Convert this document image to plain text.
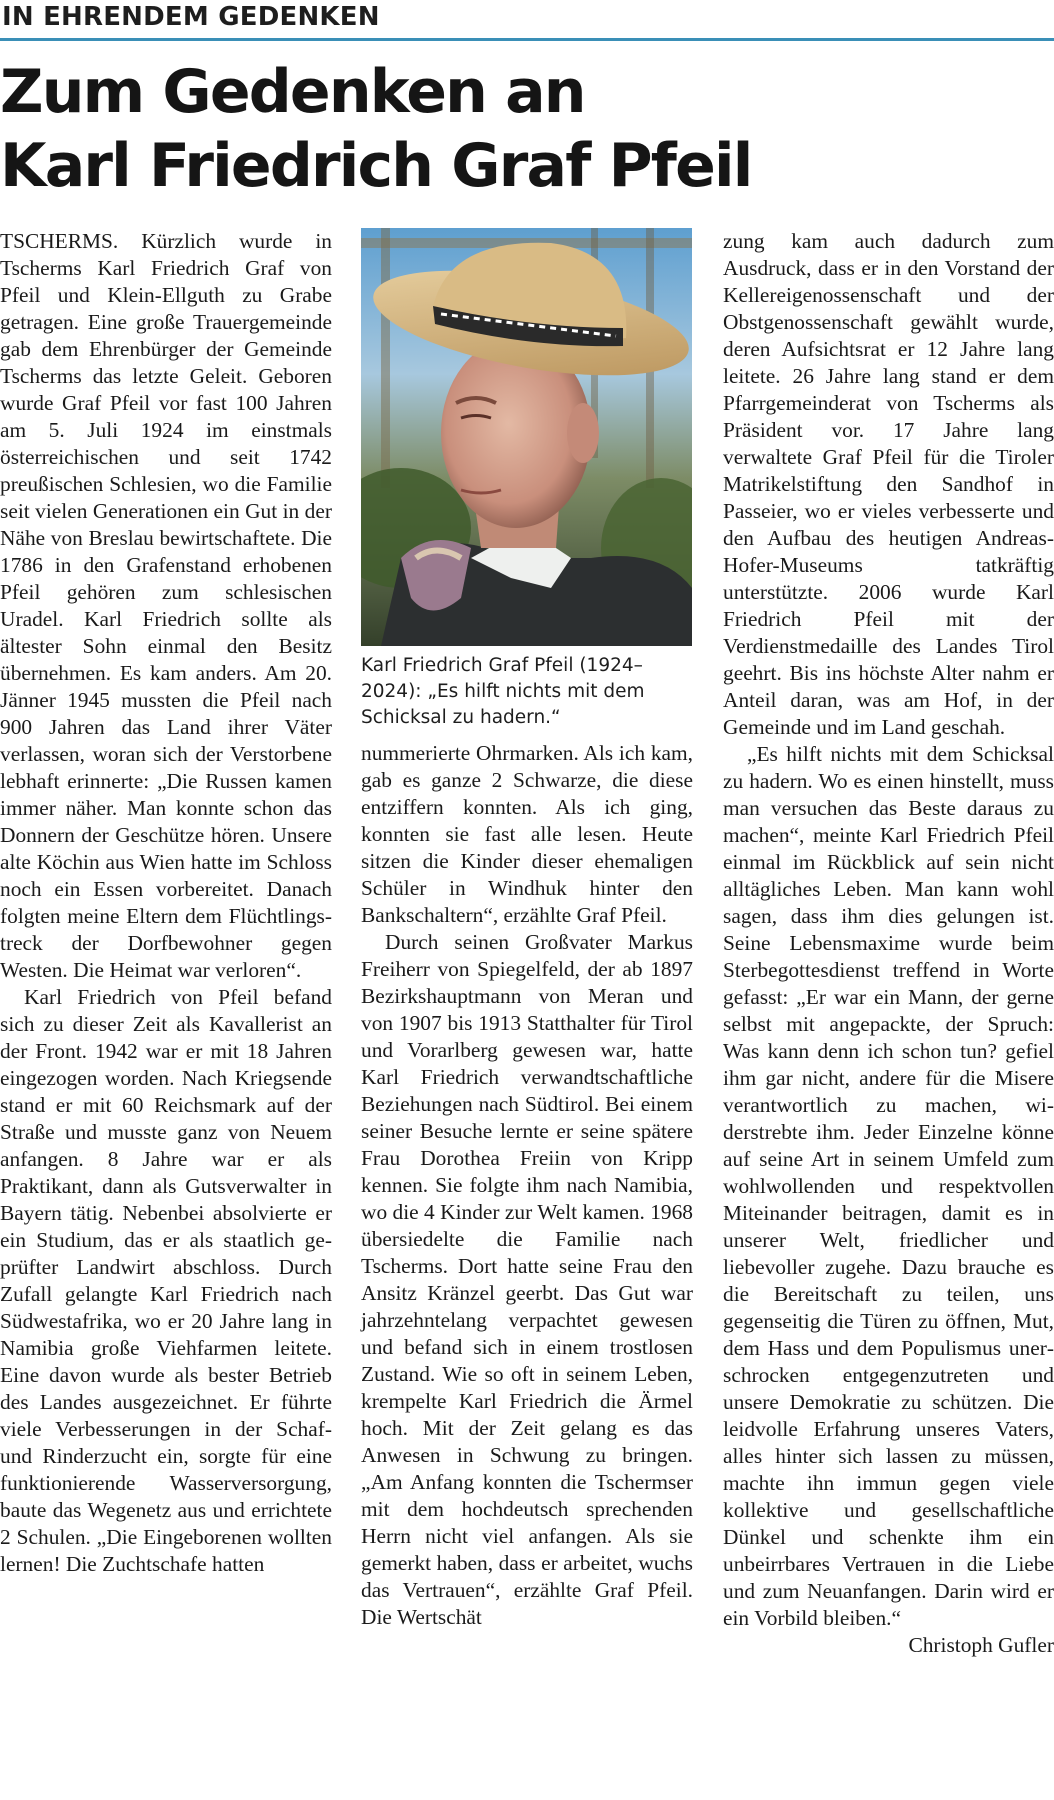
IN EHRENDEM GEDENKEN
Zum Gedenken an
Karl Friedrich Graf Pfeil

TSCHERMS. Kürzlich wurde in Tscherms Karl Friedrich Graf von Pfeil und Klein-Ellguth zu Grabe getragen. Eine große Trauergemeinde gab dem Ehrenbürger der Gemeinde Tscherms das letzte Geleit. Geboren wurde Graf Pfeil vor fast 100 Jahren am 5. Juli 1924 im einstmals österreichischen und seit 1742 preußischen Schlesien, wo die Familie seit vielen Generationen ein Gut in der Nähe von Breslau bewirtschaftete. Die 1786 in den Grafenstand erhobenen Pfeil gehören zum schlesischen Uradel. Karl Friedrich sollte als ältester Sohn einmal den Besitz übernehmen. Es kam anders. Am 20. Jänner 1945 mussten die Pfeil nach 900 Jahren das Land ihrer Väter verlassen, woran sich der Verstorbene lebhaft erinnerte: „Die Russen kamen immer näher. Man konnte schon das Donnern der Geschütze hören. Unsere alte Köchin aus Wien hatte im Schloss noch ein Essen vorbereitet. Danach folgten meine Eltern dem Flüchtlingstreck der Dorfbewohner gegen Westen. Die Heimat war verloren“.

Karl Friedrich von Pfeil befand sich zu dieser Zeit als Kavallerist an der Front. 1942 war er mit 18 Jahren eingezogen worden. Nach Kriegsende stand er mit 60 Reichsmark auf der Straße und musste ganz von Neuem anfangen. 8 Jahre war er als Praktikant, dann als Gutsverwalter in Bayern tätig. Nebenbei absolvierte er ein Studium, das er als staatlich geprüfter Landwirt abschloss. Durch Zufall gelangte Karl Friedrich nach Südwestafrika, wo er 20 Jahre lang in Namibia große Viehfarmen leitete. Eine davon wurde als bester Betrieb des Landes ausgezeichnet. Er führte viele Verbesserungen in der Schaf- und Rinderzucht ein, sorgte für eine funktionierende Wasserversorgung, baute das Wegenetz aus und errichtete 2 Schulen. „Die Eingeborenen wollten lernen! Die Zuchtschafe hatten

Karl Friedrich Graf Pfeil (1924–2024): „Es hilft nichts mit dem Schicksal zu hadern.“

nummerierte Ohrmarken. Als ich kam, gab es ganze 2 Schwarze, die diese entziffern konnten. Als ich ging, konnten sie fast alle lesen. Heute sitzen die Kinder dieser ehemaligen Schüler in Windhuk hinter den Bankschaltern“, erzählte Graf Pfeil.

Durch seinen Großvater Markus Freiherr von Spiegelfeld, der ab 1897 Bezirkshauptmann von Meran und von 1907 bis 1913 Statthalter für Tirol und Vorarlberg gewesen war, hatte Karl Friedrich verwandtschaftliche Beziehungen nach Südtirol. Bei einem seiner Besuche lernte er seine spätere Frau Dorothea Freiin von Kripp kennen. Sie folgte ihm nach Namibia, wo die 4 Kinder zur Welt kamen. 1968 übersiedelte die Familie nach Tscherms. Dort hatte seine Frau den Ansitz Kränzel geerbt. Das Gut war jahrzehntelang verpachtet gewesen und befand sich in einem trostlosen Zustand. Wie so oft in seinem Leben, krempelte Karl Friedrich die Ärmel hoch. Mit der Zeit gelang es das Anwesen in Schwung zu bringen. „Am Anfang konnten die Tschermser mit dem hochdeutsch sprechenden Herrn nicht viel anfangen. Als sie gemerkt haben, dass er arbeitet, wuchs das Vertrauen“, erzählte Graf Pfeil. Die Wertschät

zung kam auch dadurch zum Ausdruck, dass er in den Vorstand der Kellereigenossenschaft und der Obstgenossenschaft gewählt wurde, deren Aufsichtsrat er 12 Jahre lang leitete. 26 Jahre lang stand er dem Pfarrgemeinderat von Tscherms als Präsident vor. 17 Jahre lang verwaltete Graf Pfeil für die Tiroler Matrikelstiftung den Sandhof in Passeier, wo er vieles verbesserte und den Aufbau des heutigen Andreas-Hofer-Museums tatkräftig unterstützte. 2006 wurde Karl Friedrich Pfeil mit der Verdienstmedaille des Landes Tirol geehrt. Bis ins höchste Alter nahm er Anteil daran, was am Hof, in der Gemeinde und im Land geschah.

„Es hilft nichts mit dem Schicksal zu hadern. Wo es einen hinstellt, muss man versuchen das Beste daraus zu machen“, meinte Karl Friedrich Pfeil einmal im Rückblick auf sein nicht alltägliches Leben. Man kann wohl sagen, dass ihm dies gelungen ist. Seine Lebensmaxime wurde beim Sterbegottesdienst treffend in Worte gefasst: „Er war ein Mann, der gerne selbst mit angepackte, der Spruch: Was kann denn ich schon tun? gefiel ihm gar nicht, andere für die Misere verantwortlich zu machen, widerstrebte ihm. Jeder Einzelne könne auf seine Art in seinem Umfeld zum wohlwollenden und respektvollen Miteinander beitragen, damit es in unserer Welt, friedlicher und liebevoller zugehe. Dazu brauche es die Bereitschaft zu teilen, uns gegenseitig die Türen zu öffnen, Mut, dem Hass und dem Populismus unerschrocken entgegenzutreten und unsere Demokratie zu schützen. Die leidvolle Erfahrung unseres Vaters, alles hinter sich lassen zu müssen, machte ihn immun gegen viele kollektive und gesellschaftliche Dünkel und schenkte ihm ein unbeirrbares Vertrauen in die Liebe und zum Neuanfangen. Darin wird er ein Vorbild bleiben.“
Christoph Gufler
